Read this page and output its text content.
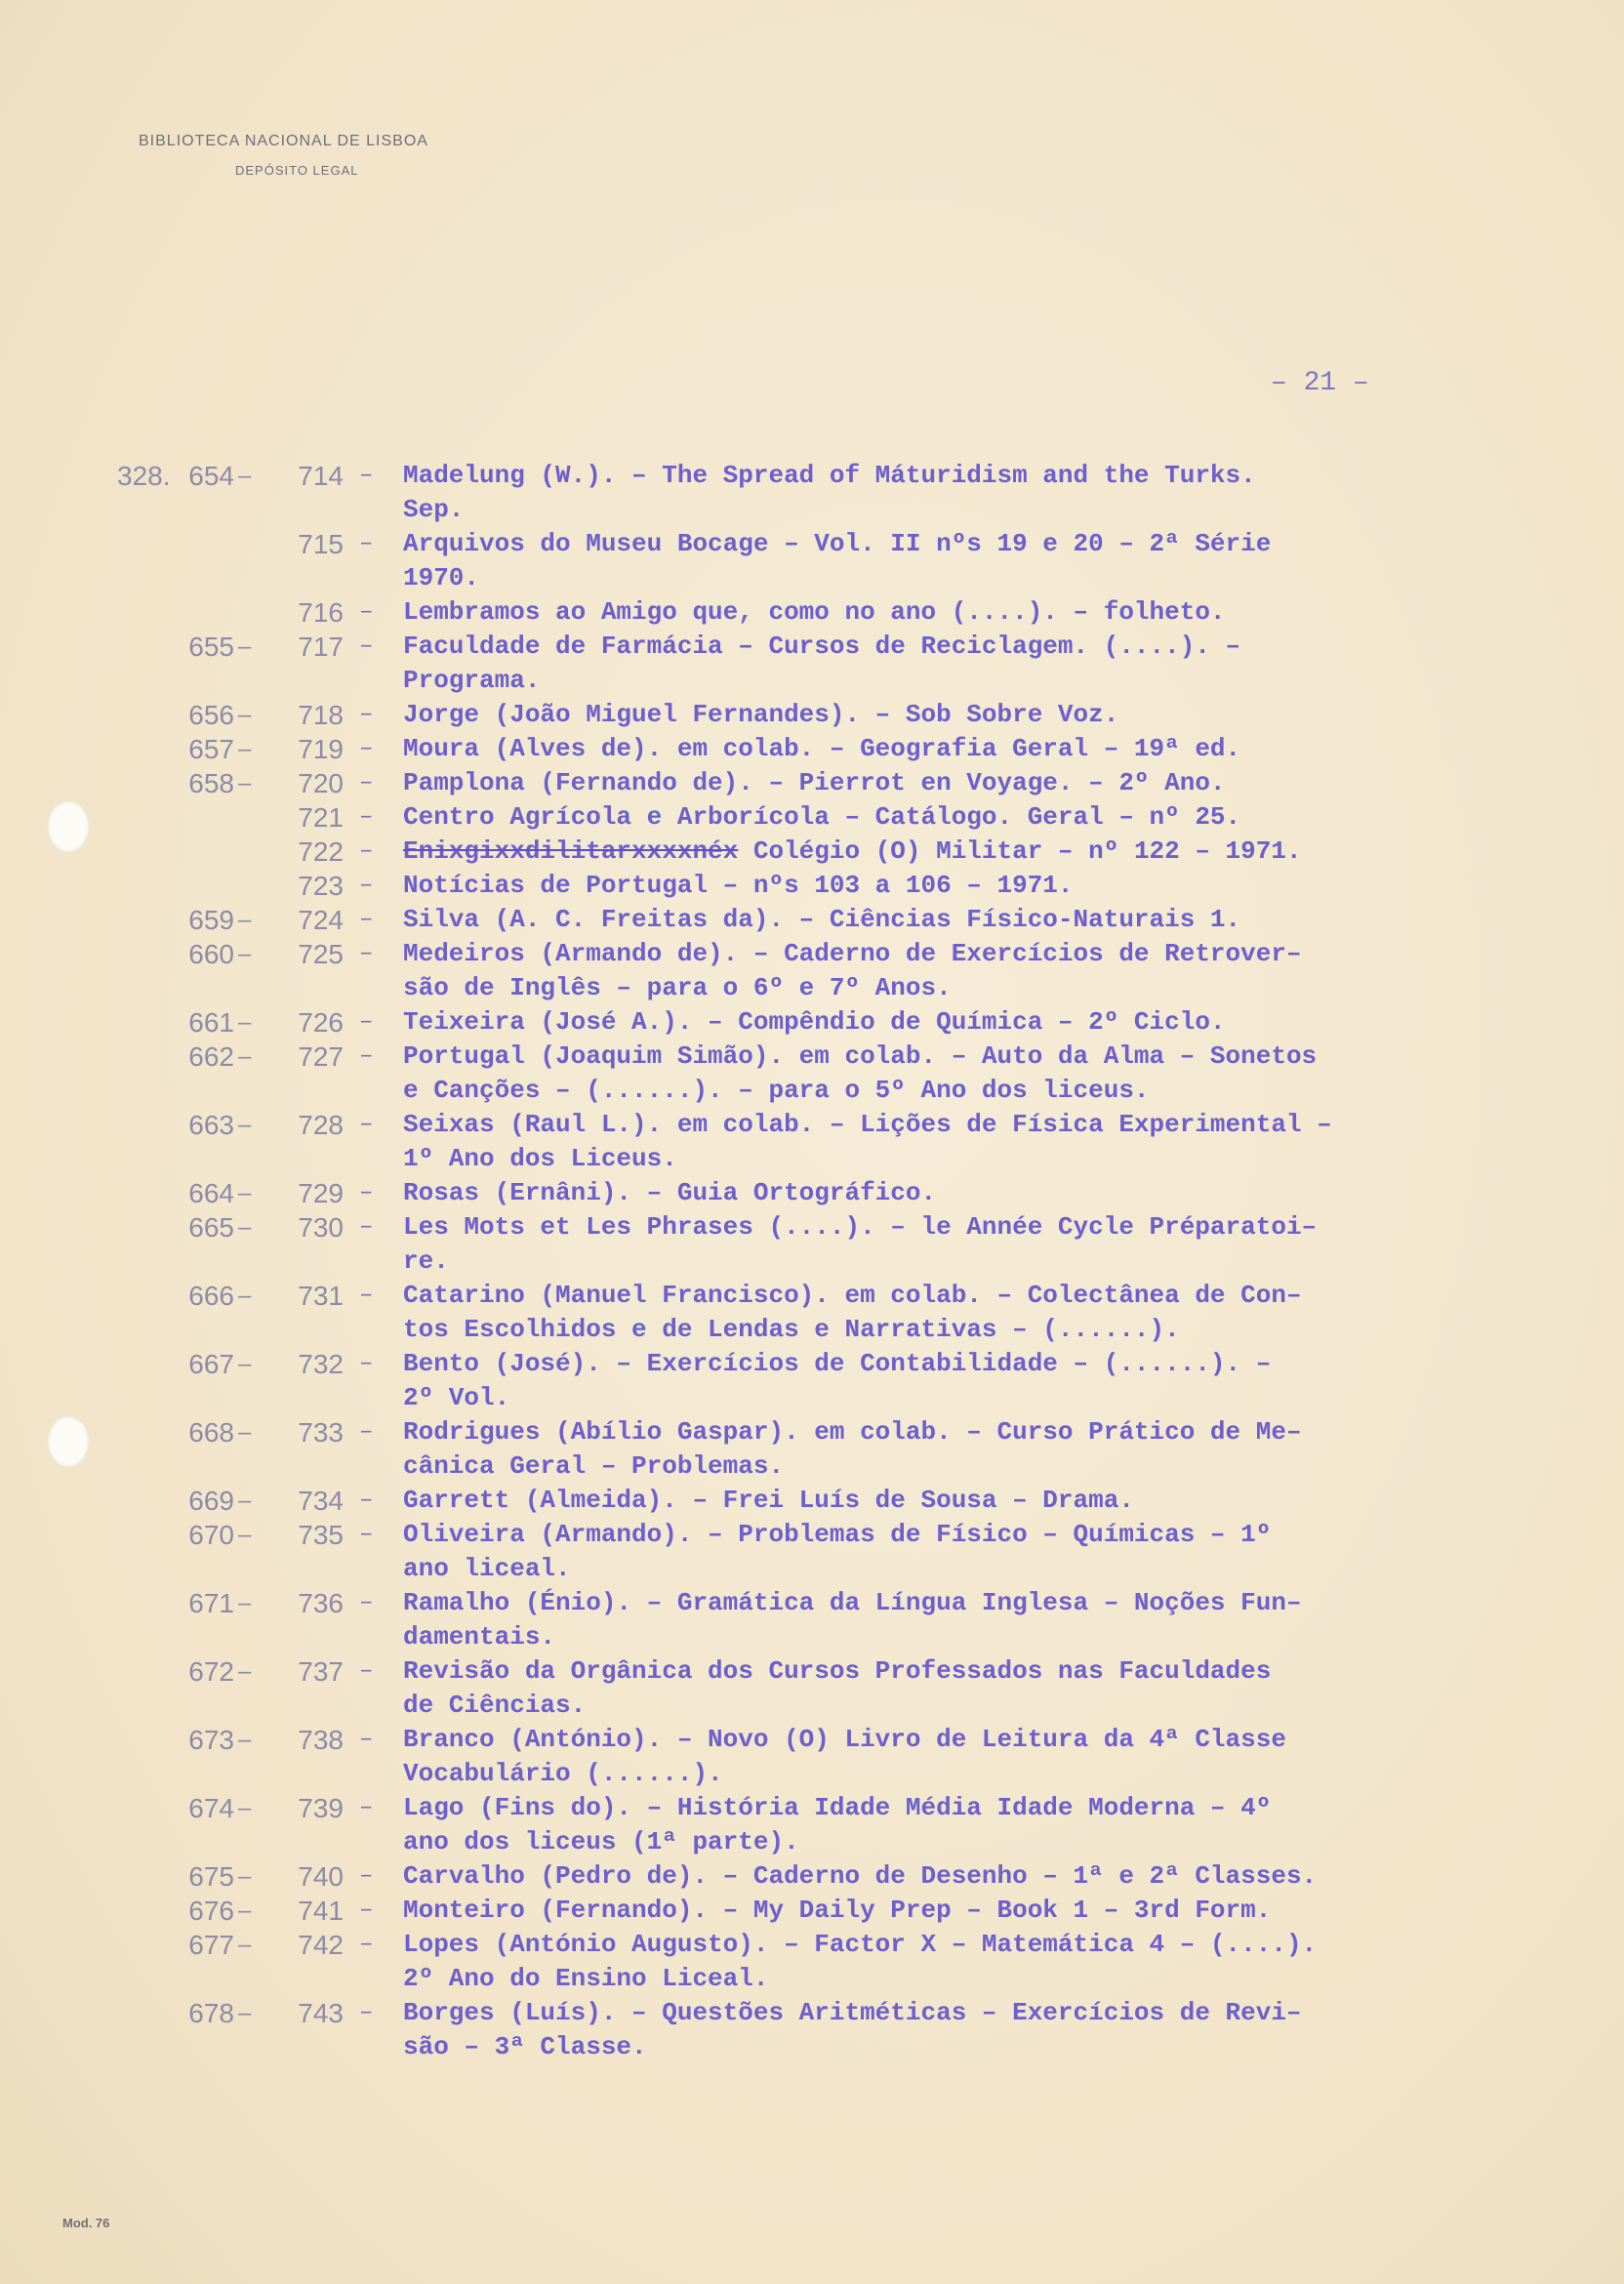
BIBLIOTECA NACIONAL DE LISBOA
DEPÓSITO LEGAL
– 21 –
328. 654 –	714 – Madelung (W.). – The Spread of Máturidism and the Turks.
Sep.
715 – Arquivos do Museu Bocage – Vol. II nºs 19 e 20 – 2ª Série
1970.
716 – Lembramos ao Amigo que, como no ano (....). – folheto.
655 –	717 – Faculdade de Farmácia – Cursos de Reciclagem. (....). –
Programa.
656 –	718 – Jorge (João Miguel Fernandes). – Sob Sobre Voz.
657 –	719 – Moura (Alves de). em colab. – Geografia Geral – 19ª ed.
658 –	720 – Pamplona (Fernando de). – Pierrot en Voyage. – 2º Ano.
721 – Centro Agrícola e Arborícola – Catálogo. Geral – nº 25.
722 – Enixgixxdilitarxxxxnéx Colégio (O) Militar – nº 122 – 1971.
723 – Notícias de Portugal – nºs 103 a 106 – 1971.
659 –	724 – Silva (A. C. Freitas da). – Ciências Físico-Naturais 1.
660 –	725 – Medeiros (Armando de). – Caderno de Exercícios de Retrover–
são de Inglês – para o 6º e 7º Anos.
661 –	726 – Teixeira (José A.). – Compêndio de Química – 2º Ciclo.
662 –	727 – Portugal (Joaquim Simão). em colab. – Auto da Alma – Sonetos
e Canções – (......). – para o 5º Ano dos liceus.
663 –	728 – Seixas (Raul L.). em colab. – Lições de Física Experimental –
1º Ano dos Liceus.
664 –	729 – Rosas (Ernâni). – Guia Ortográfico.
665 –	730 – Les Mots et Les Phrases (....). – le Année Cycle Préparatoi–
re.
666 –	731 – Catarino (Manuel Francisco). em colab. – Colectânea de Con–
tos Escolhidos e de Lendas e Narrativas – (......).
667 –	732 – Bento (José). – Exercícios de Contabilidade – (......). –
2º Vol.
668 –	733 – Rodrigues (Abílio Gaspar). em colab. – Curso Prático de Me–
cânica Geral – Problemas.
669 –	734 – Garrett (Almeida). – Frei Luís de Sousa – Drama.
670 –	735 – Oliveira (Armando). – Problemas de Físico – Químicas – 1º
ano liceal.
671 –	736 – Ramalho (Énio). – Gramática da Língua Inglesa – Noções Fun–
damentais.
672 –	737 – Revisão da Orgânica dos Cursos Professados nas Faculdades
de Ciências.
673 –	738 – Branco (António). – Novo (O) Livro de Leitura da 4ª Classe
Vocabulário (......).
674 –	739 – Lago (Fins do). – História Idade Média Idade Moderna – 4º
ano dos liceus (1ª parte).
675 –	740 – Carvalho (Pedro de). – Caderno de Desenho – 1ª e 2ª Classes.
676 –	741 – Monteiro (Fernando). – My Daily Prep – Book 1 – 3rd Form.
677 –	742 – Lopes (António Augusto). – Factor X – Matemática 4 – (....).
2º Ano do Ensino Liceal.
678 –	743 – Borges (Luís). – Questões Aritméticas – Exercícios de Revi–
são – 3ª Classe.
Mod. 76
